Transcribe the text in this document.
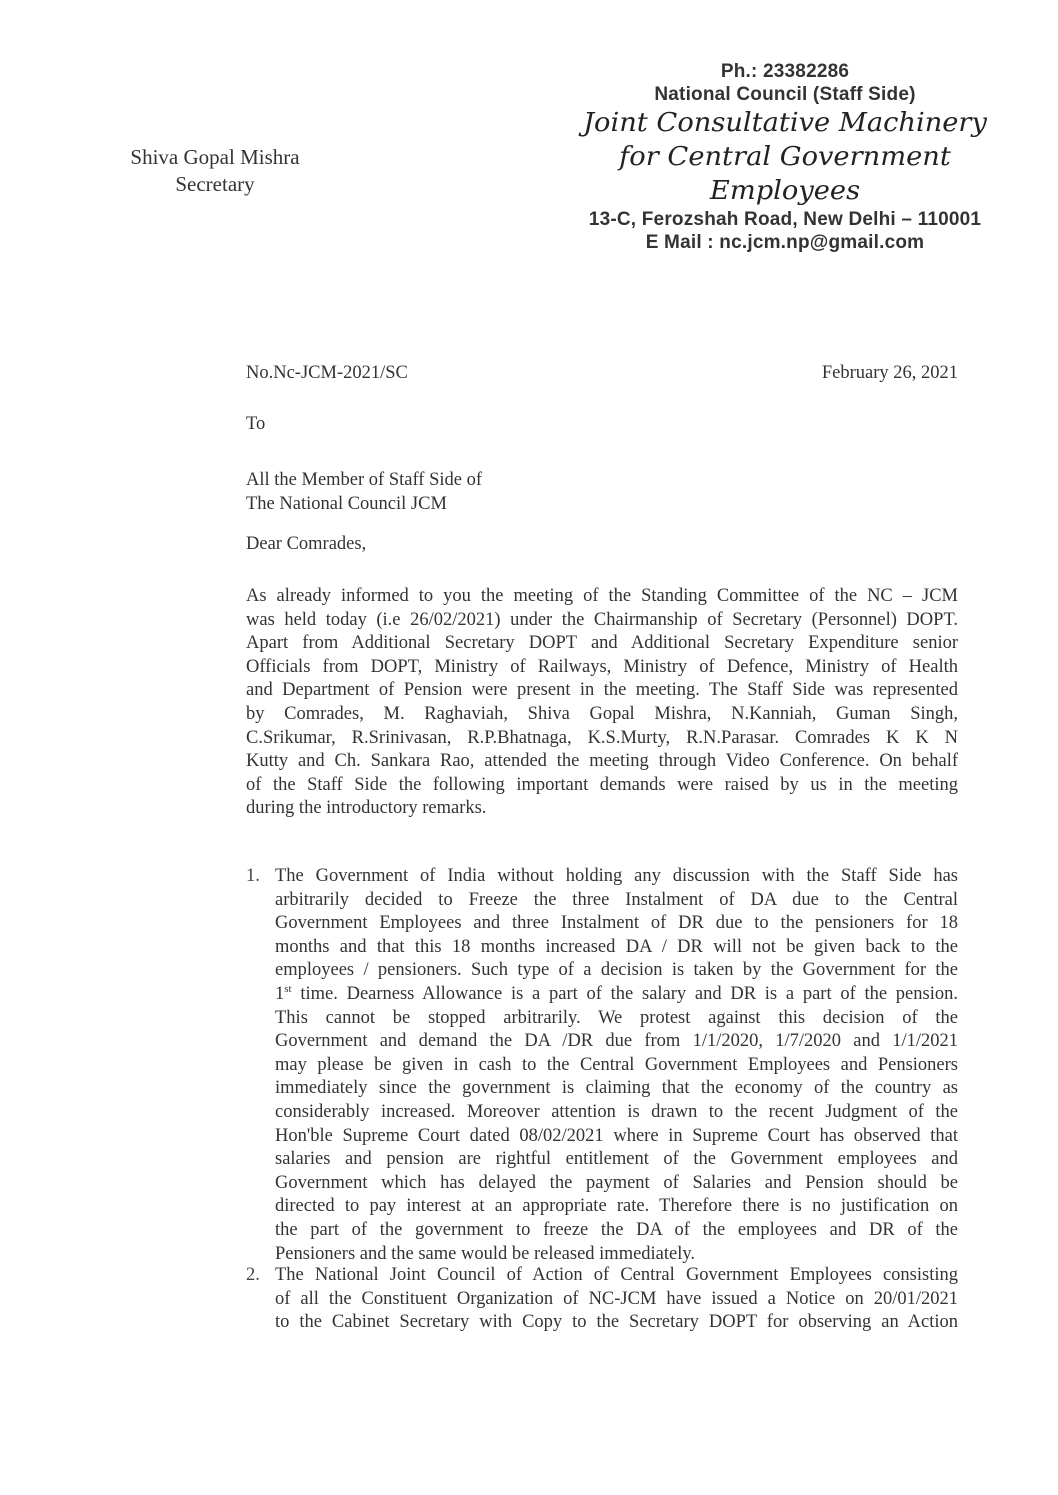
Shiva Gopal Mishra
Secretary
Ph.: 23382286
National Council (Staff Side)
Joint Consultative Machinery
for Central Government Employees
13-C, Ferozshah Road, New Delhi – 110001
E Mail : nc.jcm.np@gmail.com
No.Nc-JCM-2021/SC	February 26, 2021
To
All the Member of Staff Side of
The National Council JCM
Dear Comrades,
As already informed to you the meeting of the Standing Committee of the NC – JCM
was held today (i.e 26/02/2021) under the Chairmanship of Secretary (Personnel) DOPT.
Apart from Additional Secretary DOPT and Additional Secretary Expenditure senior
Officials from DOPT, Ministry of Railways, Ministry of Defence, Ministry of Health
and Department of Pension were present in the meeting. The Staff Side was represented
by Comrades, M. Raghaviah, Shiva Gopal Mishra, N.Kanniah, Guman Singh,
C.Srikumar, R.Srinivasan, R.P.Bhatnaga, K.S.Murty, R.N.Parasar. Comrades K K N
Kutty and Ch. Sankara Rao, attended the meeting through Video Conference. On behalf
of the Staff Side the following important demands were raised by us in the meeting
during the introductory remarks.
1. The Government of India without holding any discussion with the Staff Side has
arbitrarily decided to Freeze the three Instalment of DA due to the Central
Government Employees and three Instalment of DR due to the pensioners for 18
months and that this 18 months increased DA / DR will not be given back to the
employees / pensioners. Such type of a decision is taken by the Government for the
1st time. Dearness Allowance is a part of the salary and DR is a part of the pension.
This cannot be stopped arbitrarily. We protest against this decision of the
Government and demand the DA /DR due from 1/1/2020, 1/7/2020 and 1/1/2021
may please be given in cash to the Central Government Employees and Pensioners
immediately since the government is claiming that the economy of the country as
considerably increased. Moreover attention is drawn to the recent Judgment of the
Hon'ble Supreme Court dated 08/02/2021 where in Supreme Court has observed that
salaries and pension are rightful entitlement of the Government employees and
Government which has delayed the payment of Salaries and Pension should be
directed to pay interest at an appropriate rate. Therefore there is no justification on
the part of the government to freeze the DA of the employees and DR of the
Pensioners and the same would be released immediately.
2. The National Joint Council of Action of Central Government Employees consisting
of all the Constituent Organization of NC-JCM have issued a Notice on 20/01/2021
to the Cabinet Secretary with Copy to the Secretary DOPT for observing an Action
